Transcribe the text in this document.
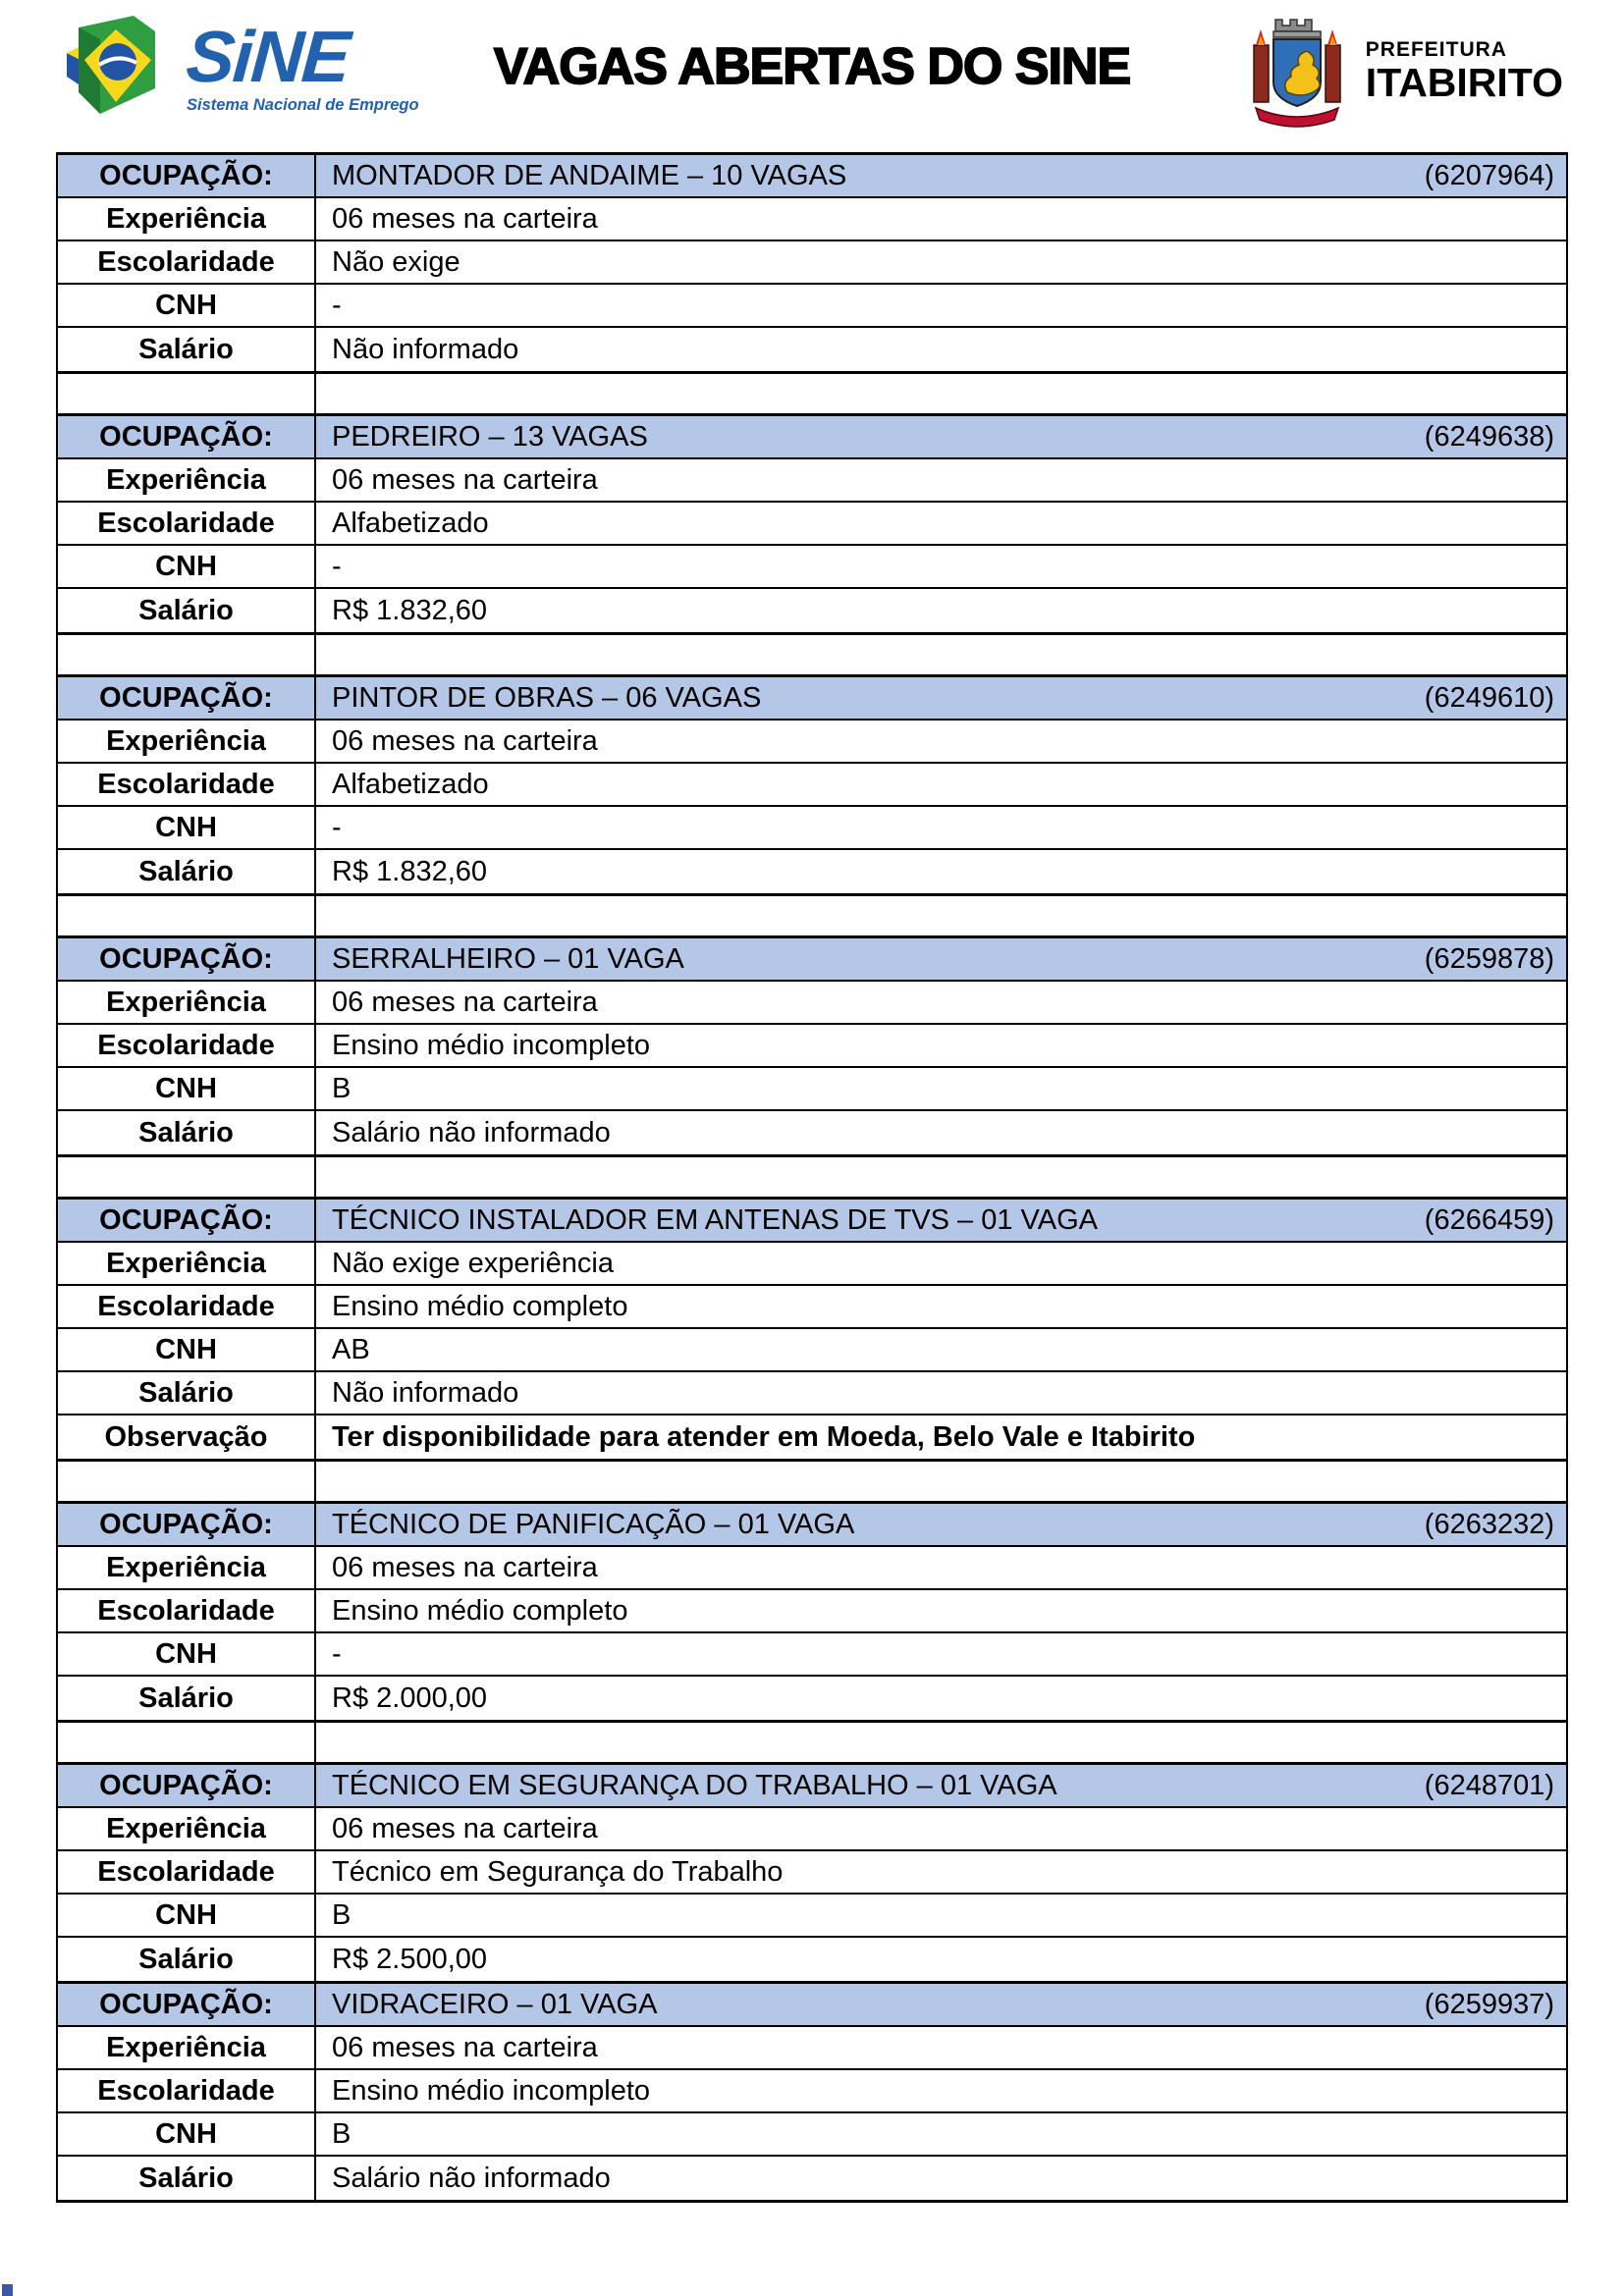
SiNE
Sistema Nacional de Emprego
VAGAS ABERTAS DO SINE	PREFEITURA
ITABIRITO
OCUPAÇÃO:	MONTADOR DE ANDAIME – 10 VAGAS	(6207964)
Experiência	06 meses na carteira
Escolaridade	Não exige
CNH	-
Salário	Não informado
OCUPAÇÃO:	PEDREIRO – 13 VAGAS	(6249638)
Experiência	06 meses na carteira
Escolaridade	Alfabetizado
CNH	-
Salário	R$ 1.832,60
OCUPAÇÃO:	PINTOR DE OBRAS – 06 VAGAS	(6249610)
Experiência	06 meses na carteira
Escolaridade	Alfabetizado
CNH	-
Salário	R$ 1.832,60
OCUPAÇÃO:	SERRALHEIRO – 01 VAGA	(6259878)
Experiência	06 meses na carteira
Escolaridade	Ensino médio incompleto
CNH	B
Salário	Salário não informado
OCUPAÇÃO:	TÉCNICO INSTALADOR EM ANTENAS DE TVS – 01 VAGA	(6266459)
Experiência	Não exige experiência
Escolaridade	Ensino médio completo
CNH	AB
Salário	Não informado
Observação	Ter disponibilidade para atender em Moeda, Belo Vale e Itabirito
OCUPAÇÃO:	TÉCNICO DE PANIFICAÇÃO – 01 VAGA	(6263232)
Experiência	06 meses na carteira
Escolaridade	Ensino médio completo
CNH	-
Salário	R$ 2.000,00
OCUPAÇÃO:	TÉCNICO EM SEGURANÇA DO TRABALHO – 01 VAGA	(6248701)
Experiência	06 meses na carteira
Escolaridade	Técnico em Segurança do Trabalho
CNH	B
Salário	R$ 2.500,00
OCUPAÇÃO:	VIDRACEIRO – 01 VAGA	(6259937)
Experiência	06 meses na carteira
Escolaridade	Ensino médio incompleto
CNH	B
Salário	Salário não informado
